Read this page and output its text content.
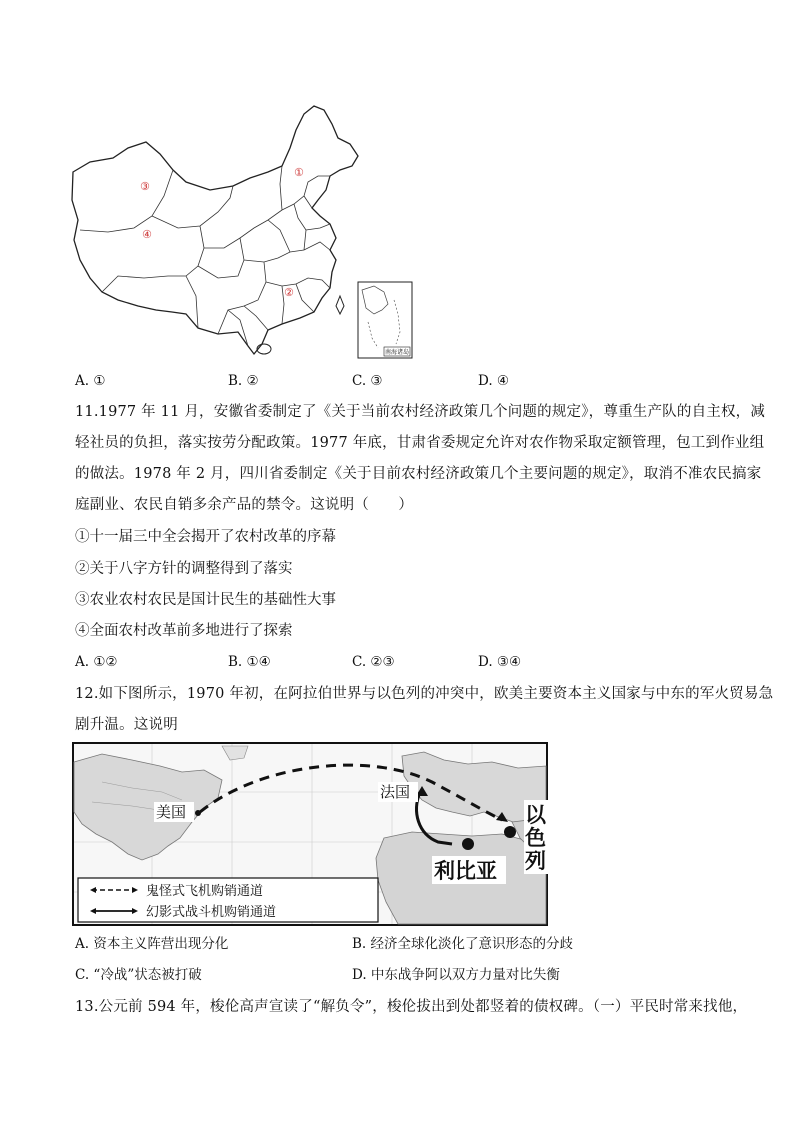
③
①
④
②
南海诸岛
A. ①	B. ②	C. ③	D. ④
11.1977 年 11 月，安徽省委制定了《关于当前农村经济政策几个问题的规定》，尊重生产队的自主权，减
轻社员的负担，落实按劳分配政策。1977 年底，甘肃省委规定允许对农作物采取定额管理，包工到作业组
的做法。1978 年 2 月，四川省委制定《关于目前农村经济政策几个主要问题的规定》，取消不准农民搞家
庭副业、农民自销多余产品的禁令。这说明（　　）
①十一届三中全会揭开了农村改革的序幕
②关于八字方针的调整得到了落实
③农业农村农民是国计民生的基础性大事
④全面农村改革前多地进行了探索
A. ①②	B. ①④	C. ②③	D. ③④
12.如下图所示，1970 年初，在阿拉伯世界与以色列的冲突中，欧美主要资本主义国家与中东的军火贸易急
剧升温。这说明
美国
法国
利比亚
以
色
列
鬼怪式飞机购销通道
幻影式战斗机购销通道
A. 资本主义阵营出现分化	B. 经济全球化淡化了意识形态的分歧
C. “冷战”状态被打破	D. 中东战争阿以双方力量对比失衡
13.公元前 594 年，梭伦高声宣读了“解负令”，梭伦拔出到处都竖着的债权碑。（一）平民时常来找他，
